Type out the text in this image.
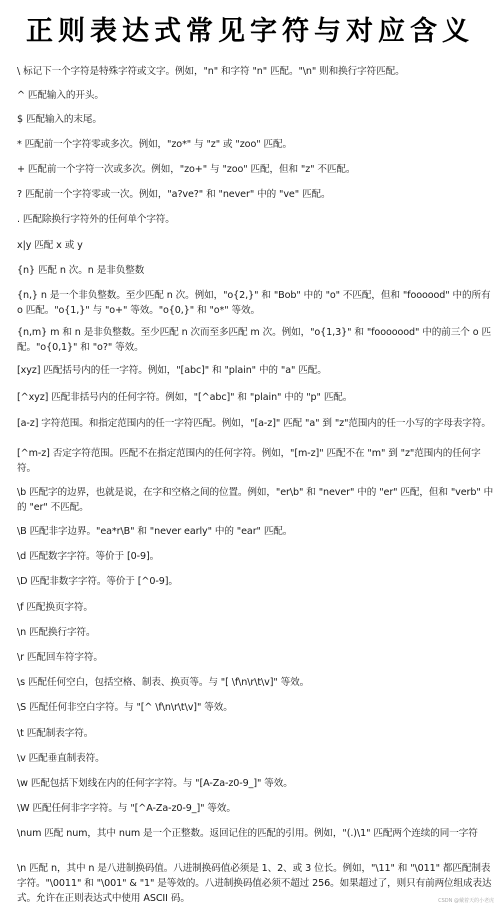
正则表达式常见字符与对应含义
\ 标记下一个字符是特殊字符或文字。例如，"n" 和字符 "n" 匹配。"\n" 则和换行字符匹配。
^ 匹配输入的开头。
$ 匹配输入的末尾。
* 匹配前一个字符零或多次。例如，"zo*" 与 "z" 或 "zoo" 匹配。
+ 匹配前一个字符一次或多次。例如，"zo+" 与 "zoo" 匹配，但和 "z" 不匹配。
? 匹配前一个字符零或一次。例如，"a?ve?" 和 "never" 中的 "ve" 匹配。
. 匹配除换行字符外的任何单个字符。
x|y 匹配 x 或 y
{n} 匹配 n 次。n 是非负整数
{n,} n 是一个非负整数。至少匹配 n 次。例如，"o{2,}" 和 "Bob" 中的 "o" 不匹配，但和 "foooood" 中的所有 o 匹配。"o{1,}" 与 "o+" 等效。"o{0,}" 和 "o*" 等效。
{n,m} m 和 n 是非负整数。至少匹配 n 次而至多匹配 m 次。例如，"o{1,3}" 和 "fooooood" 中的前三个 o 匹配。"o{0,1}" 和 "o?" 等效。
[xyz] 匹配括号内的任一字符。例如，"[abc]" 和 "plain" 中的 "a" 匹配。
[^xyz] 匹配非括号内的任何字符。例如，"[^abc]" 和 "plain" 中的 "p" 匹配。
[a-z] 字符范围。和指定范围内的任一字符匹配。例如，"[a-z]" 匹配 "a" 到 "z"范围内的任一小写的字母表字符。
[^m-z] 否定字符范围。匹配不在指定范围内的任何字符。例如，"[m-z]" 匹配不在 "m" 到 "z"范围内的任何字符。
\b 匹配字的边界，也就是说，在字和空格之间的位置。例如，"er\b" 和 "never" 中的 "er" 匹配，但和 "verb" 中的 "er" 不匹配。
\B 匹配非字边界。"ea*r\B" 和 "never early" 中的 "ear" 匹配。
\d 匹配数字字符。等价于 [0-9]。
\D 匹配非数字字符。等价于 [^0-9]。
\f 匹配换页字符。
\n 匹配换行字符。
\r 匹配回车符字符。
\s 匹配任何空白，包括空格、制表、换页等。与 "[ \f\n\r\t\v]" 等效。
\S 匹配任何非空白字符。与 "[^ \f\n\r\t\v]" 等效。
\t 匹配制表字符。
\v 匹配垂直制表符。
\w 匹配包括下划线在内的任何字字符。与 "[A-Za-z0-9_]" 等效。
\W 匹配任何非字字符。与 "[^A-Za-z0-9_]" 等效。
\num 匹配 num，其中 num 是一个正整数。返回记住的匹配的引用。例如，"(.)\1" 匹配两个连续的同一字符
\n 匹配 n，其中 n 是八进制换码值。八进制换码值必须是 1、2、或 3 位长。例如，"\11" 和 "\011" 都匹配制表字符。"\0011" 和 "\001" & "1" 是等效的。八进制换码值必须不超过 256。如果超过了，则只有前两位组成表达式。允许在正则表达式中使用 ASCII 码。	CSDN @戴着天的小老虎
